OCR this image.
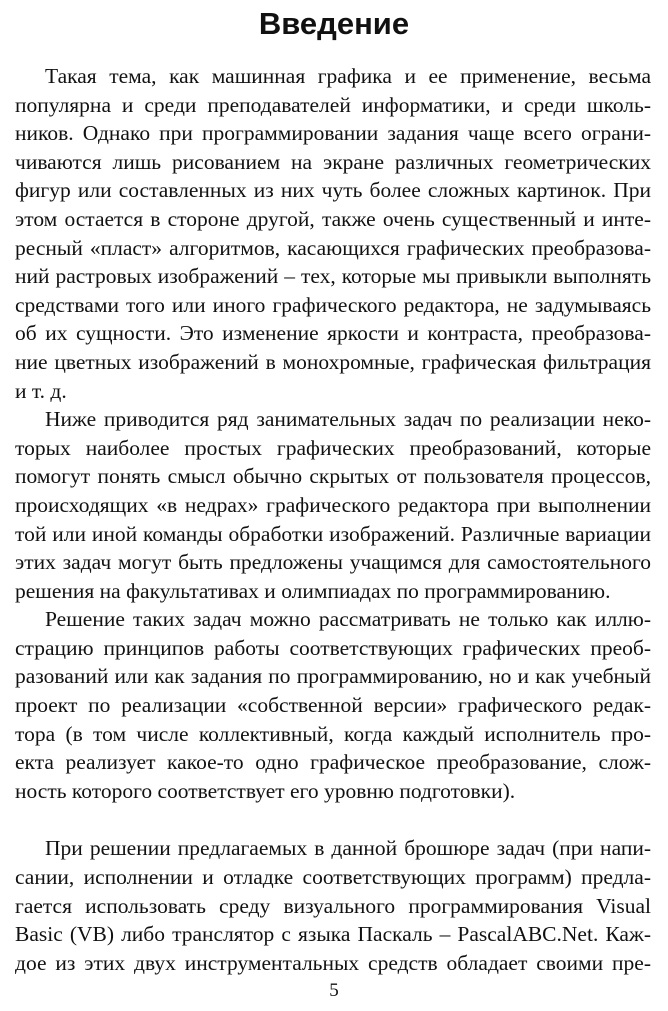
Введение

Такая тема, как машинная графика и ее применение, весьма
популярна и среди преподавателей информатики, и среди школь-
ников. Однако при программировании задания чаще всего ограни-
чиваются лишь рисованием на экране различных геометрических
фигур или составленных из них чуть более сложных картинок. При
этом остается в стороне другой, также очень существенный и инте-
ресный «пласт» алгоритмов, касающихся графических преобразова-
ний растровых изображений – тех, которые мы привыкли выполнять
средствами того или иного графического редактора, не задумываясь
об их сущности. Это изменение яркости и контраста, преобразова-
ние цветных изображений в монохромные, графическая фильтрация
и т. д.

Ниже приводится ряд занимательных задач по реализации неко-
торых наиболее простых графических преобразований, которые
помогут понять смысл обычно скрытых от пользователя процессов,
происходящих «в недрах» графического редактора при выполнении
той или иной команды обработки изображений. Различные вариации
этих задач могут быть предложены учащимся для самостоятельного
решения на факультативах и олимпиадах по программированию.

Решение таких задач можно рассматривать не только как иллю-
страцию принципов работы соответствующих графических преоб-
разований или как задания по программированию, но и как учебный
проект по реализации «собственной версии» графического редак-
тора (в том числе коллективный, когда каждый исполнитель про-
екта реализует какое-то одно графическое преобразование, слож-
ность которого соответствует его уровню подготовки).

При решении предлагаемых в данной брошюре задач (при напи-
сании, исполнении и отладке соответствующих программ) предла-
гается использовать среду визуального программирования Visual
Basic (VB) либо транслятор с языка Паскаль – PascalABC.Net. Каж-
дое из этих двух инструментальных средств обладает своими пре-

5
